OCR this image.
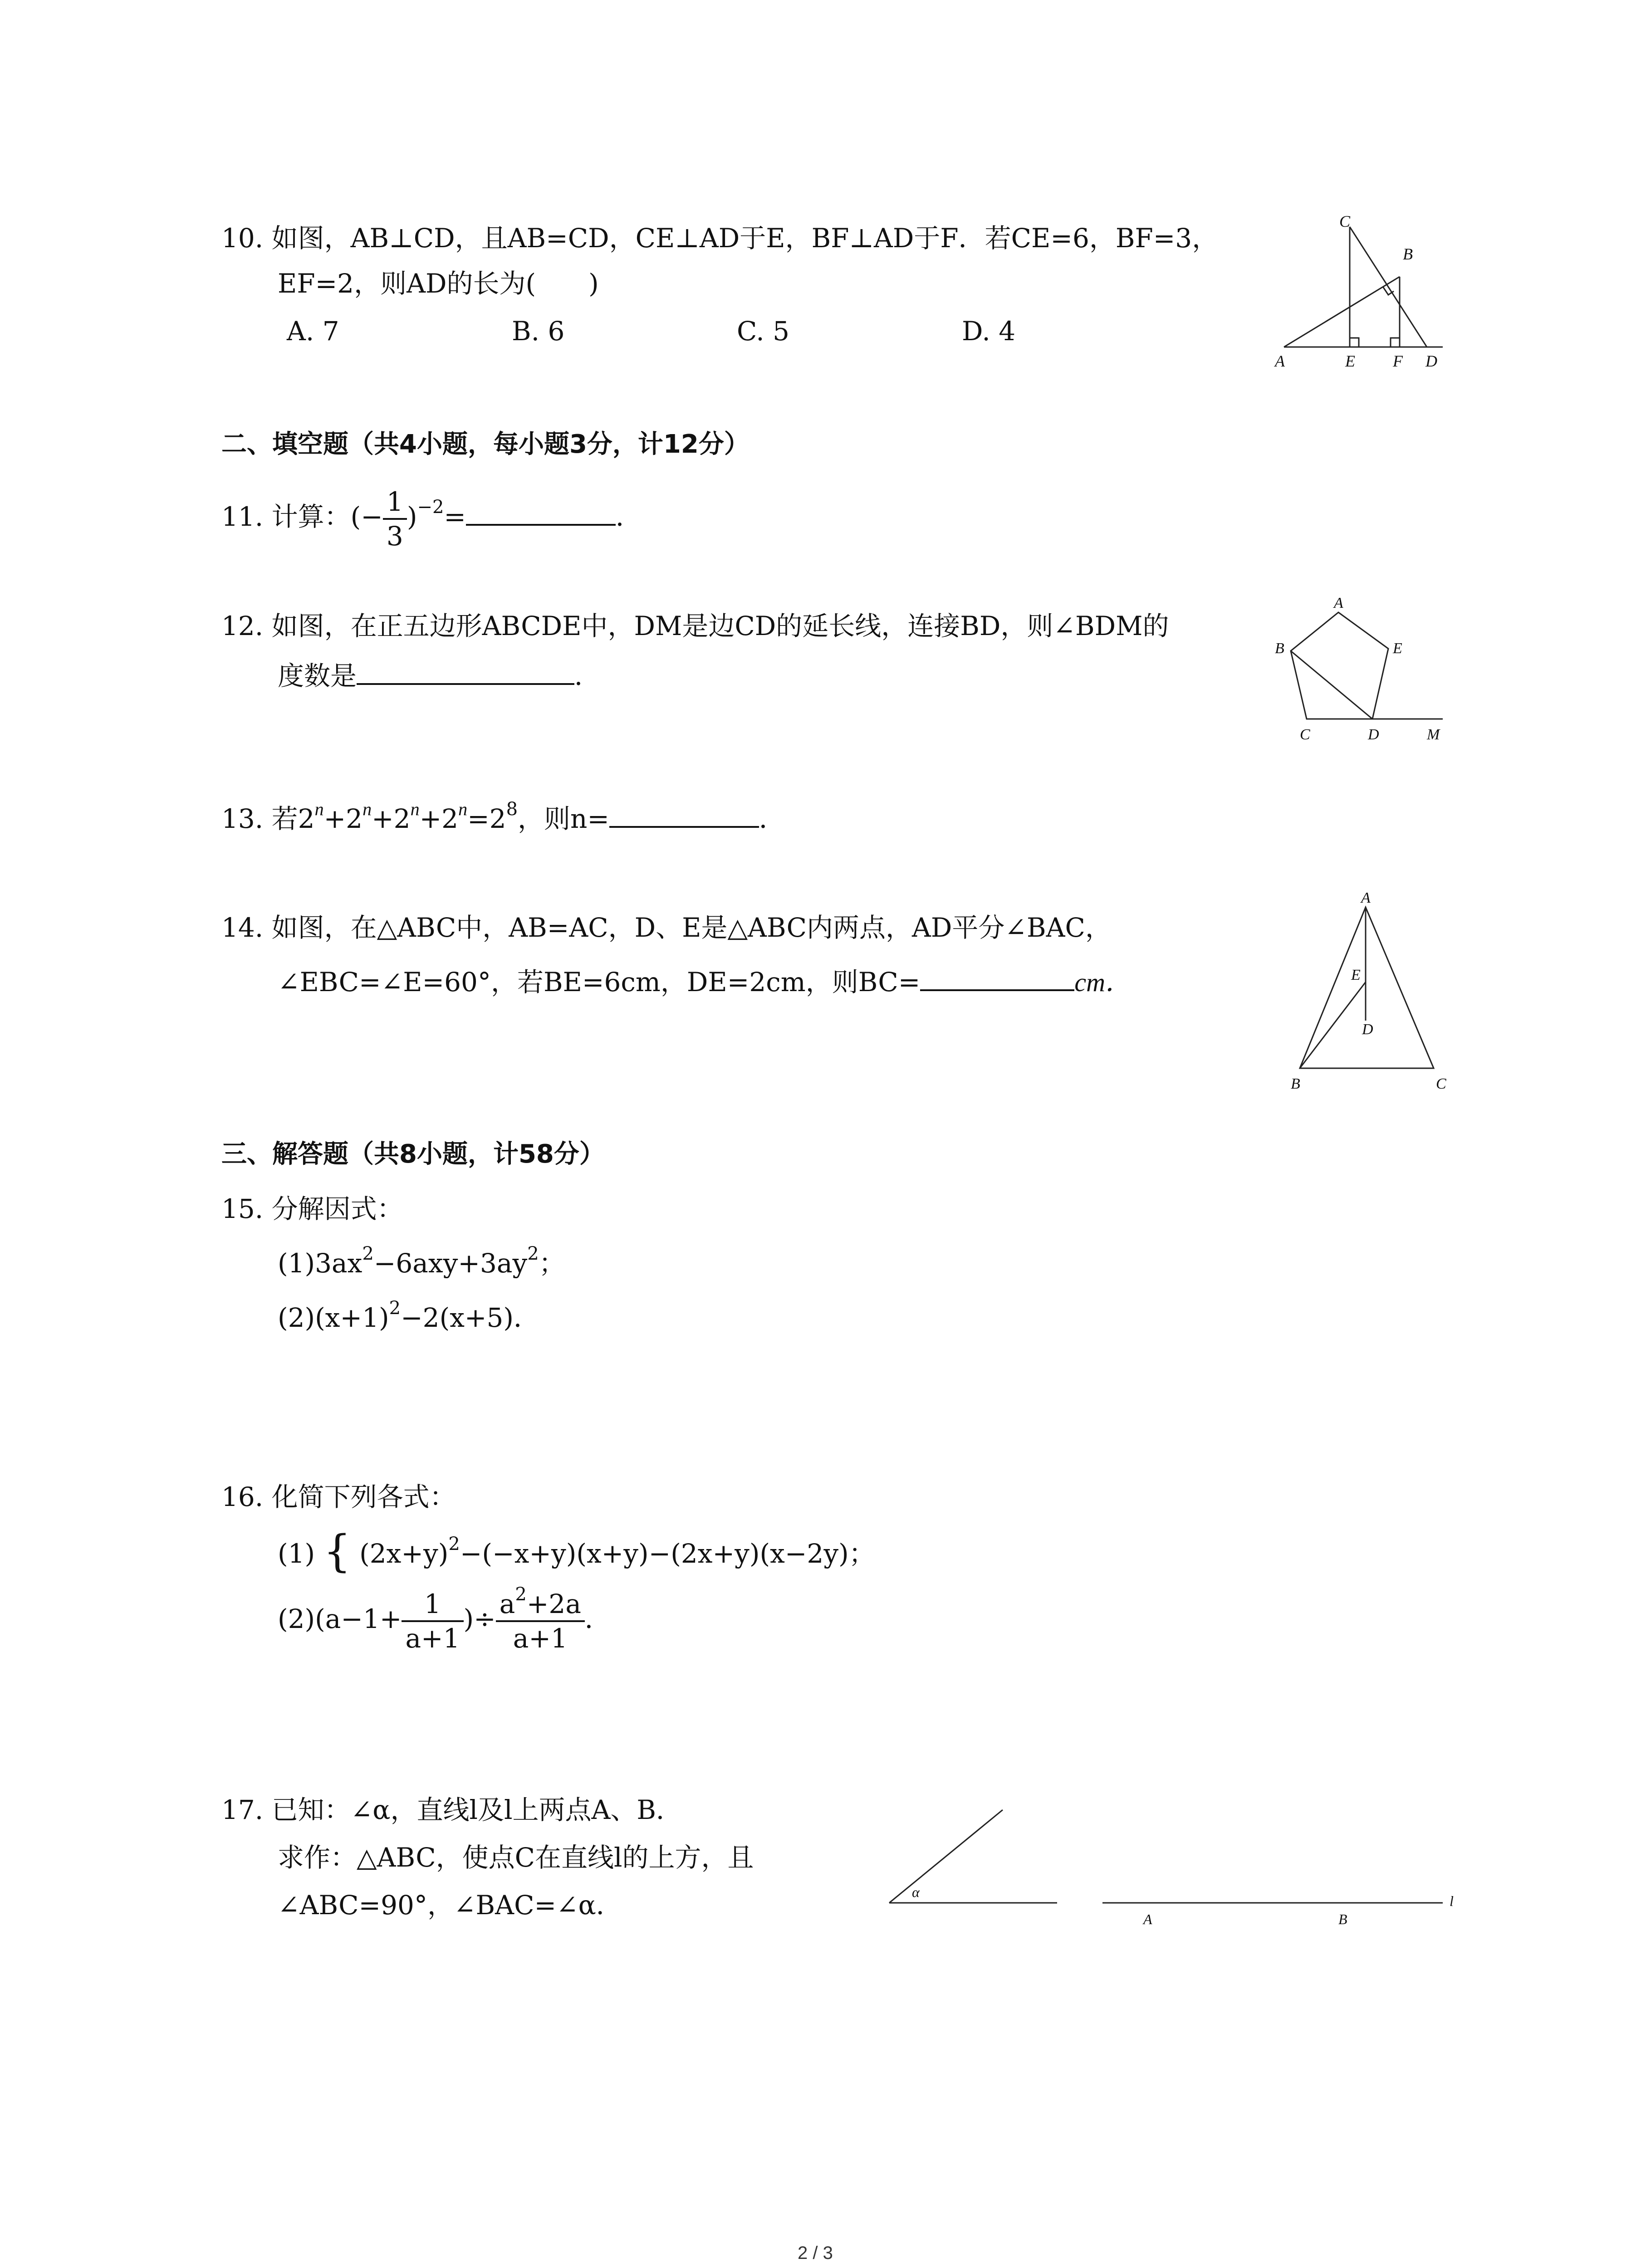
10. 如图，AB⊥CD，且AB=CD，CE⊥AD于E，BF⊥AD于F．若CE=6，BF=3，
EF=2，则AD的长为(　　)
A. 7	B. 6	C. 5	D. 4
C
B
A	E F D
二、填空题（共4小题，每小题3分，计12分）
11. 计算：(− $\frac{1}{3} )^{-2}=$	．
12. 如图，在正五边形ABCDE中，DM是边CD的延长线，连接BD，则∠BDM的
度数是	．
A
B	E
C	D	M
13. 若$2^n+2^n+2^n+2^n=2^8$，则n=	．
14. 如图，在△ABC中，AB=AC，D、E是△ABC内两点，AD平分∠BAC，
∠EBC=∠E=60°，若BE=6cm，DE=2cm，则BC=	cm．
A
E
D
B	C
三、解答题（共8小题，计58分）
15. 分解因式：
$(1)3ax^2-6axy+3ay^2$；
$(2)(x+1)^2-2(x+5)$．
16. 化简下列各式：
(1) { $(2x+y)^2-(-x+y)(x+y)-(2x+y)(x-2y)$；
$(2)(a-1+ \frac{1}{a+1}$ )÷ $\frac{a^2+2a}{a+1}$ ．
17. 已知：∠α，直线l及l上两点A、B．
求作：△ABC，使点C在直线l的上方，且
∠ABC=90°，∠BAC=∠α．	α
A	B
l
2 / 3
